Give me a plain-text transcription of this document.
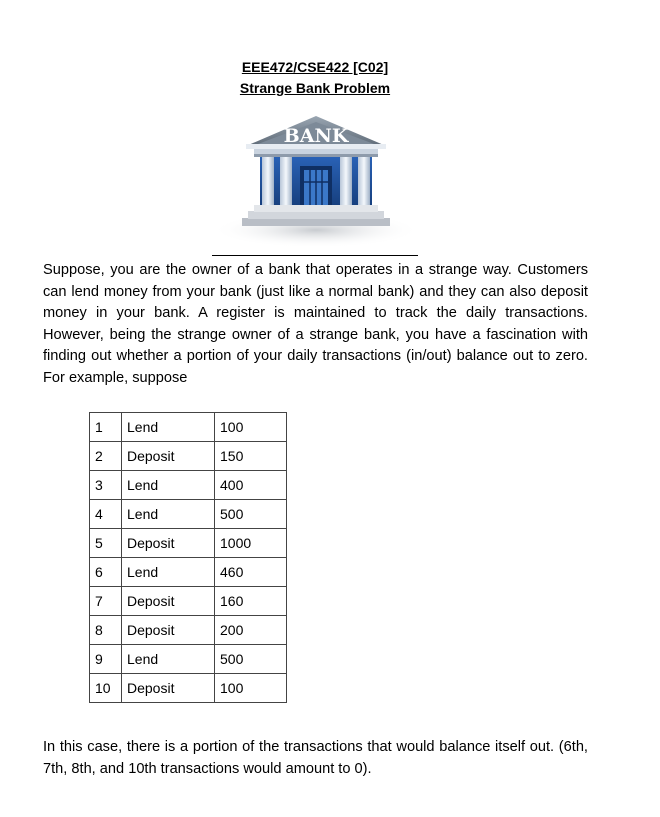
EEE472/CSE422 [C02]
Strange Bank Problem
BANK

Suppose, you are the owner of a bank that operates in a strange way. Customers can lend money from your bank (just like a normal bank) and they can also deposit money in your bank. A register is maintained to track the daily transactions. However, being the strange owner of a strange bank, you have a fascination with finding out whether a portion of your daily transactions (in/out) balance out to zero. For example, suppose

1	Lend	100
2	Deposit	150
3	Lend	400
4	Lend	500
5	Deposit	1000
6	Lend	460
7	Deposit	160
8	Deposit	200
9	Lend	500
10	Deposit	100

In this case, there is a portion of the transactions that would balance itself out. (6th, 7th, 8th, and 10th transactions would amount to 0).
